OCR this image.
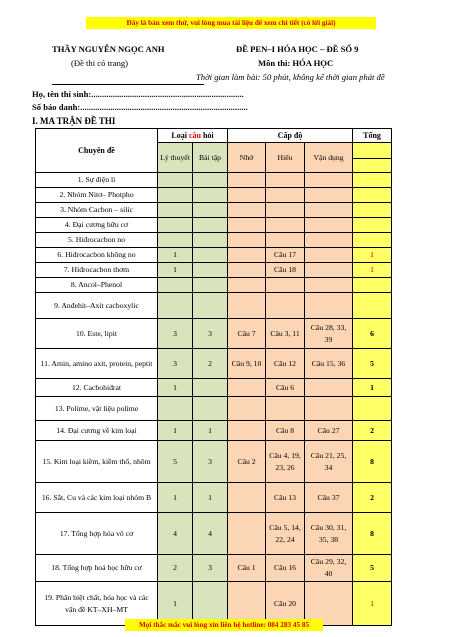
Đây là bản xem thử, vui lòng mua tài liệu để xem chi tiết (có lời giải)
THẦY NGUYỄN NGỌC ANH
(Đề thi có trang)
ĐỀ PEN–I HÓA HỌC – ĐỀ SỐ 9
Môn thi: HÓA HỌC
Thời gian làm bài: 50 phút, không kể thời gian phát đề
Họ, tên thí sinh:.......................................................................
Số báo danh:..............................................................................
I. MA TRẬN ĐỀ THI
Chuyên đề	Loại câu hỏi		Cấp độ			Tổng
	Lý thuyết	Bài tập	Nhớ	Hiểu	Vận dụng	

1. Sự điện li						
2. Nhóm Nitơ– Photpho						
3. Nhóm Cacbon – silic						
4. Đại cương hữu cơ						
5. Hiđrocacbon no						
6. Hiđrocacbon không no	1			Câu 17		1
7. Hiđrocacbon thơm	1			Câu 18		1
8. Ancol–Phenol						
9. Anđehit–Axit cacboxylic						
10. Este, lipit	3	3	Câu 7	Câu 3, 11	Câu 28, 33, 39	6
11. Amin, amino axit, protein, peptit	3	2	Câu 9, 10	Câu 12	Câu 15, 36	5
12. Cacbohiđrat	1			Câu 6		1
13. Polime, vật liệu polime						
14. Đại cương về kim loại	1	1		Câu 8	Câu 27	2
15. Kim loại kiềm, kiềm thổ, nhôm	5	3	Câu 2	Câu 4, 19, 23, 26	Câu 21, 25, 34	8
16. Sắt, Cu và các kim loại nhóm B	1	1		Câu 13	Câu 37	2
17. Tổng hợp hóa vô cơ	4	4		Câu 5, 14, 22, 24	Câu 30, 31, 35, 38	8
18. Tổng hợp hoá học hữu cơ	2	3	Câu 1	Câu 16	Câu 29, 32, 40	5
19. Phân biệt chất, hóa học và các vấn đề KT–XH–MT	1			Câu 20		1
Mọi thắc mắc vui lòng xin liên hệ hotline: 084 283 45 85
